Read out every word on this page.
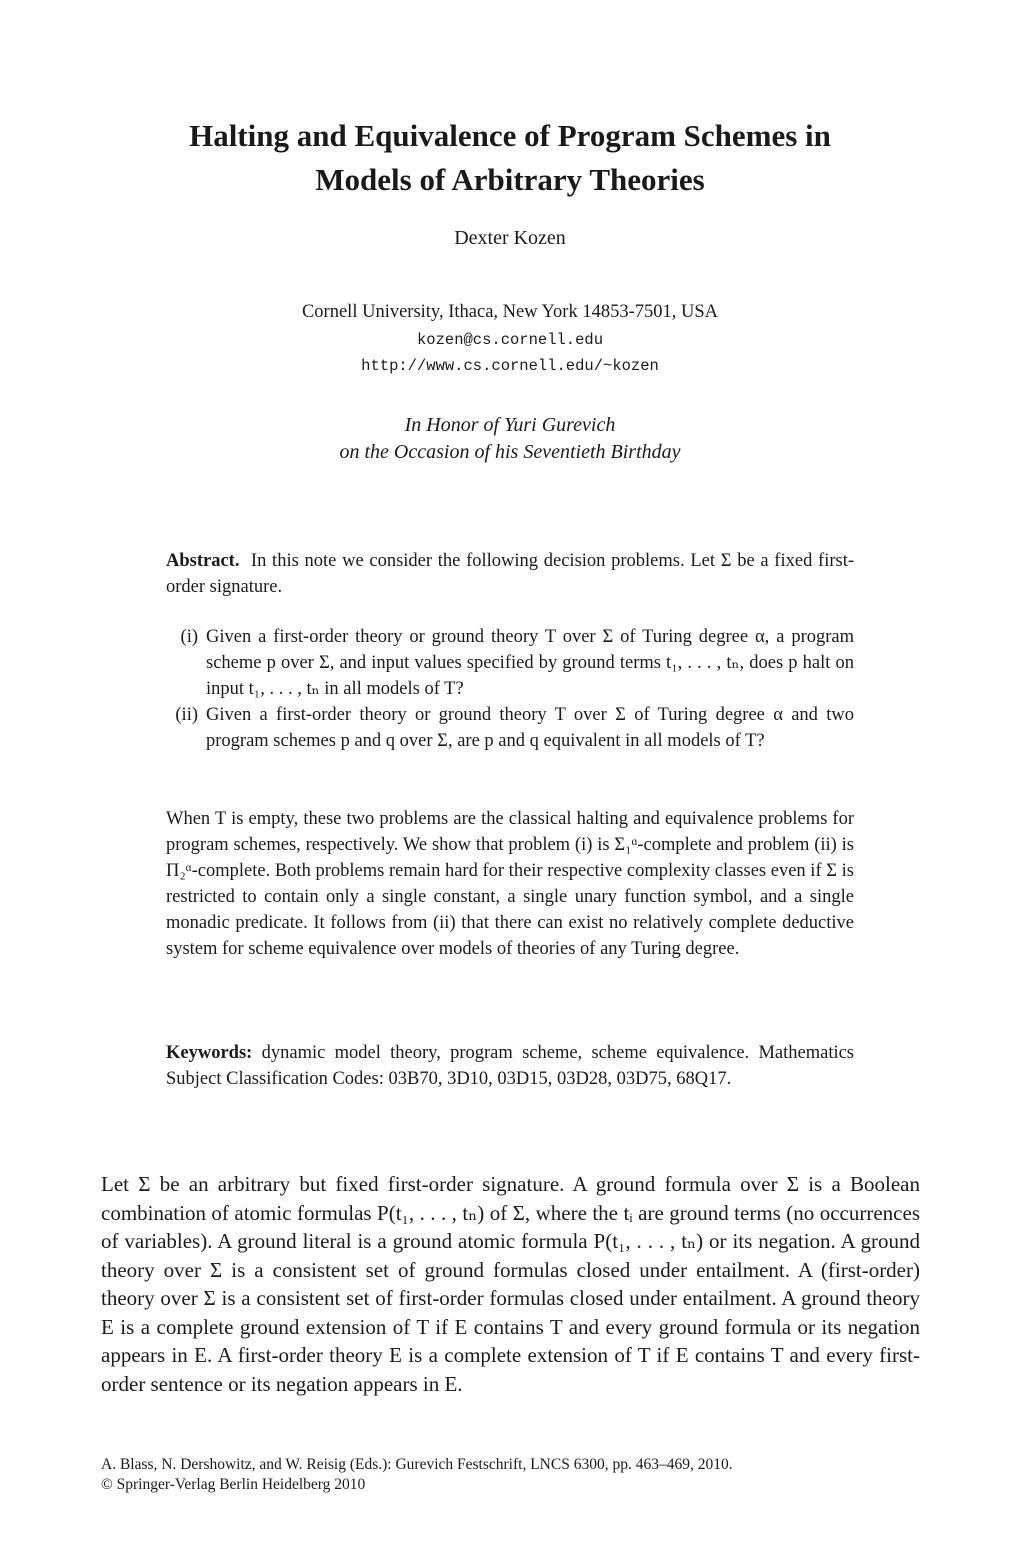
Halting and Equivalence of Program Schemes in
Models of Arbitrary Theories
Dexter Kozen
Cornell University, Ithaca, New York 14853-7501, USA
kozen@cs.cornell.edu
http://www.cs.cornell.edu/~kozen
In Honor of Yuri Gurevich
on the Occasion of his Seventieth Birthday
Abstract. In this note we consider the following decision problems. Let Σ be a fixed first-order signature.
(i) Given a first-order theory or ground theory T over Σ of Turing degree α, a program scheme p over Σ, and input values specified by ground terms t₁, . . . , tₙ, does p halt on input t₁, . . . , tₙ in all models of T?
(ii) Given a first-order theory or ground theory T over Σ of Turing degree α and two program schemes p and q over Σ, are p and q equivalent in all models of T?
When T is empty, these two problems are the classical halting and equivalence problems for program schemes, respectively. We show that problem (i) is Σ₁ᵅ-complete and problem (ii) is Π₂ᵅ-complete. Both problems remain hard for their respective complexity classes even if Σ is restricted to contain only a single constant, a single unary function symbol, and a single monadic predicate. It follows from (ii) that there can exist no relatively complete deductive system for scheme equivalence over models of theories of any Turing degree.
Keywords: dynamic model theory, program scheme, scheme equivalence. Mathematics Subject Classification Codes: 03B70, 3D10, 03D15, 03D28, 03D75, 68Q17.
Let Σ be an arbitrary but fixed first-order signature. A ground formula over Σ is a Boolean combination of atomic formulas P(t₁, . . . , tₙ) of Σ, where the tᵢ are ground terms (no occurrences of variables). A ground literal is a ground atomic formula P(t₁, . . . , tₙ) or its negation. A ground theory over Σ is a consistent set of ground formulas closed under entailment. A (first-order) theory over Σ is a consistent set of first-order formulas closed under entailment. A ground theory E is a complete ground extension of T if E contains T and every ground formula or its negation appears in E. A first-order theory E is a complete extension of T if E contains T and every first-order sentence or its negation appears in E.
A. Blass, N. Dershowitz, and W. Reisig (Eds.): Gurevich Festschrift, LNCS 6300, pp. 463–469, 2010.
© Springer-Verlag Berlin Heidelberg 2010
